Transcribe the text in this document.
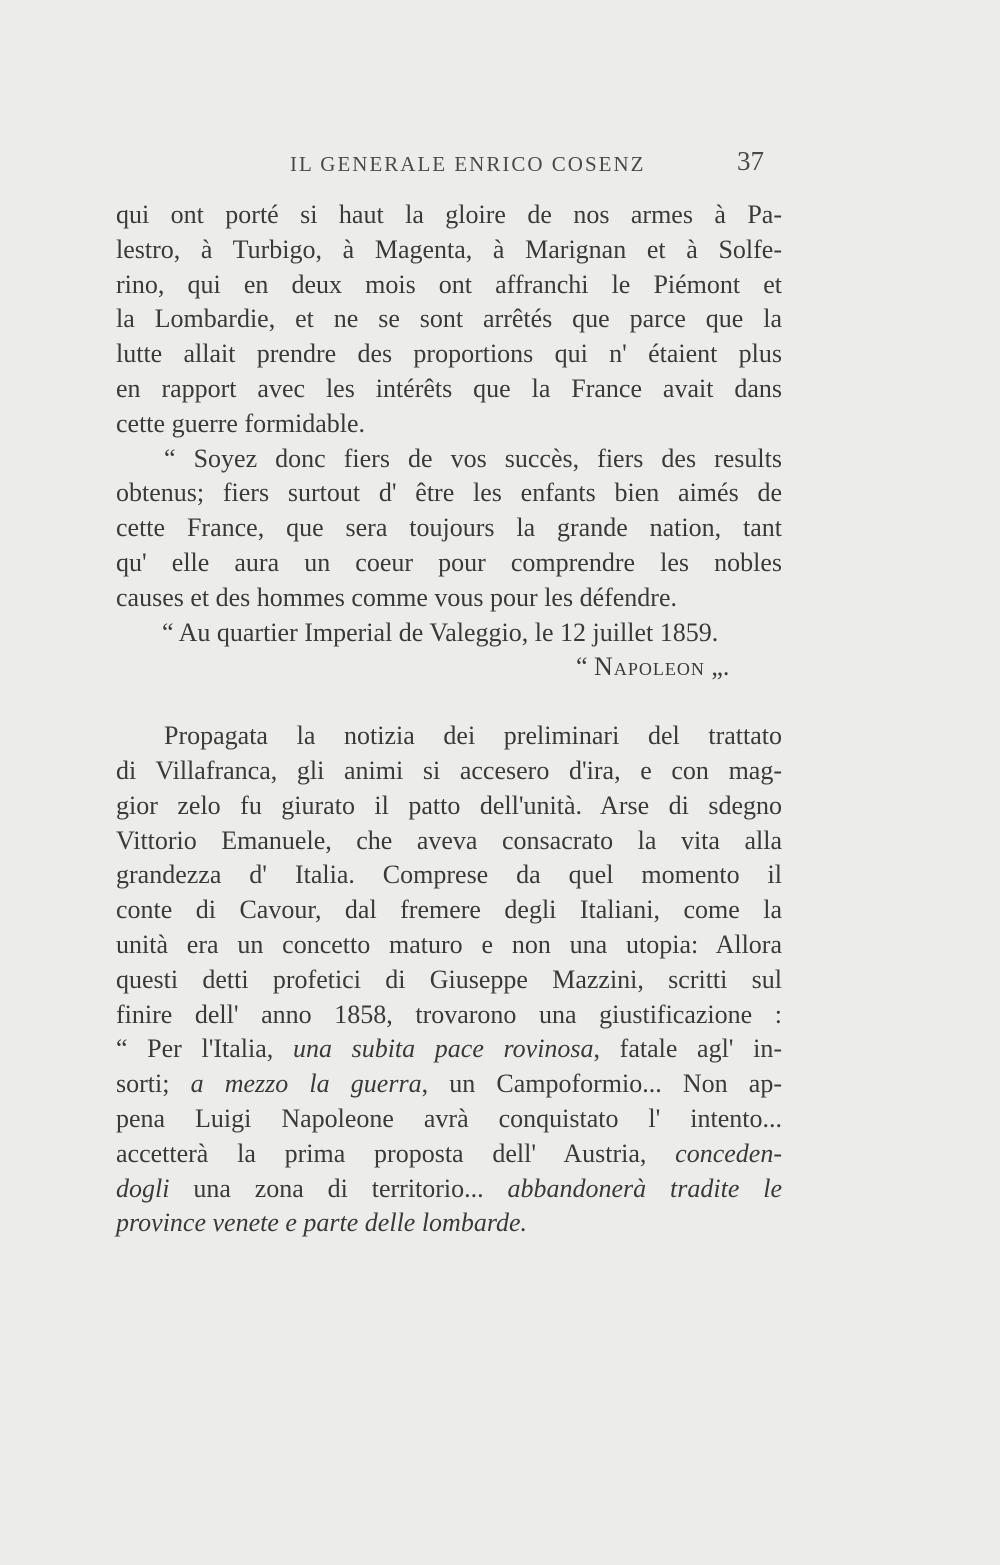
IL GENERALE ENRICO COSENZ	37
qui ont porté si haut la gloire de nos armes à Pa-
lestro, à Turbigo, à Magenta, à Marignan et à Solfe-
rino, qui en deux mois ont affranchi le Piémont et
la Lombardie, et ne se sont arrêtés que parce que la
lutte allait prendre des proportions qui n' étaient plus
en rapport avec les intérêts que la France avait dans
cette guerre formidable.
“ Soyez donc fiers de vos succès, fiers des results
obtenus; fiers surtout d' être les enfants bien aimés de
cette France, que sera toujours la grande nation, tant
qu' elle aura un coeur pour comprendre les nobles
causes et des hommes comme vous pour les défendre.
“ Au quartier Imperial de Valeggio, le 12 juillet 1859.
“ Napoleon „.
Propagata la notizia dei preliminari del trattato
di Villafranca, gli animi si accesero d'ira, e con mag-
gior zelo fu giurato il patto dell'unità. Arse di sdegno
Vittorio Emanuele, che aveva consacrato la vita alla
grandezza d' Italia. Comprese da quel momento il
conte di Cavour, dal fremere degli Italiani, come la
unità era un concetto maturo e non una utopia: Allora
questi detti profetici di Giuseppe Mazzini, scritti sul
finire dell' anno 1858, trovarono una giustificazione :
“ Per l'Italia, una subita pace rovinosa, fatale agl' in-
sorti; a mezzo la guerra, un Campoformio... Non ap-
pena Luigi Napoleone avrà conquistato l' intento...
accetterà la prima proposta dell' Austria, conceden-
dogli una zona di territorio... abbandonerà tradite le
province venete e parte delle lombarde.
